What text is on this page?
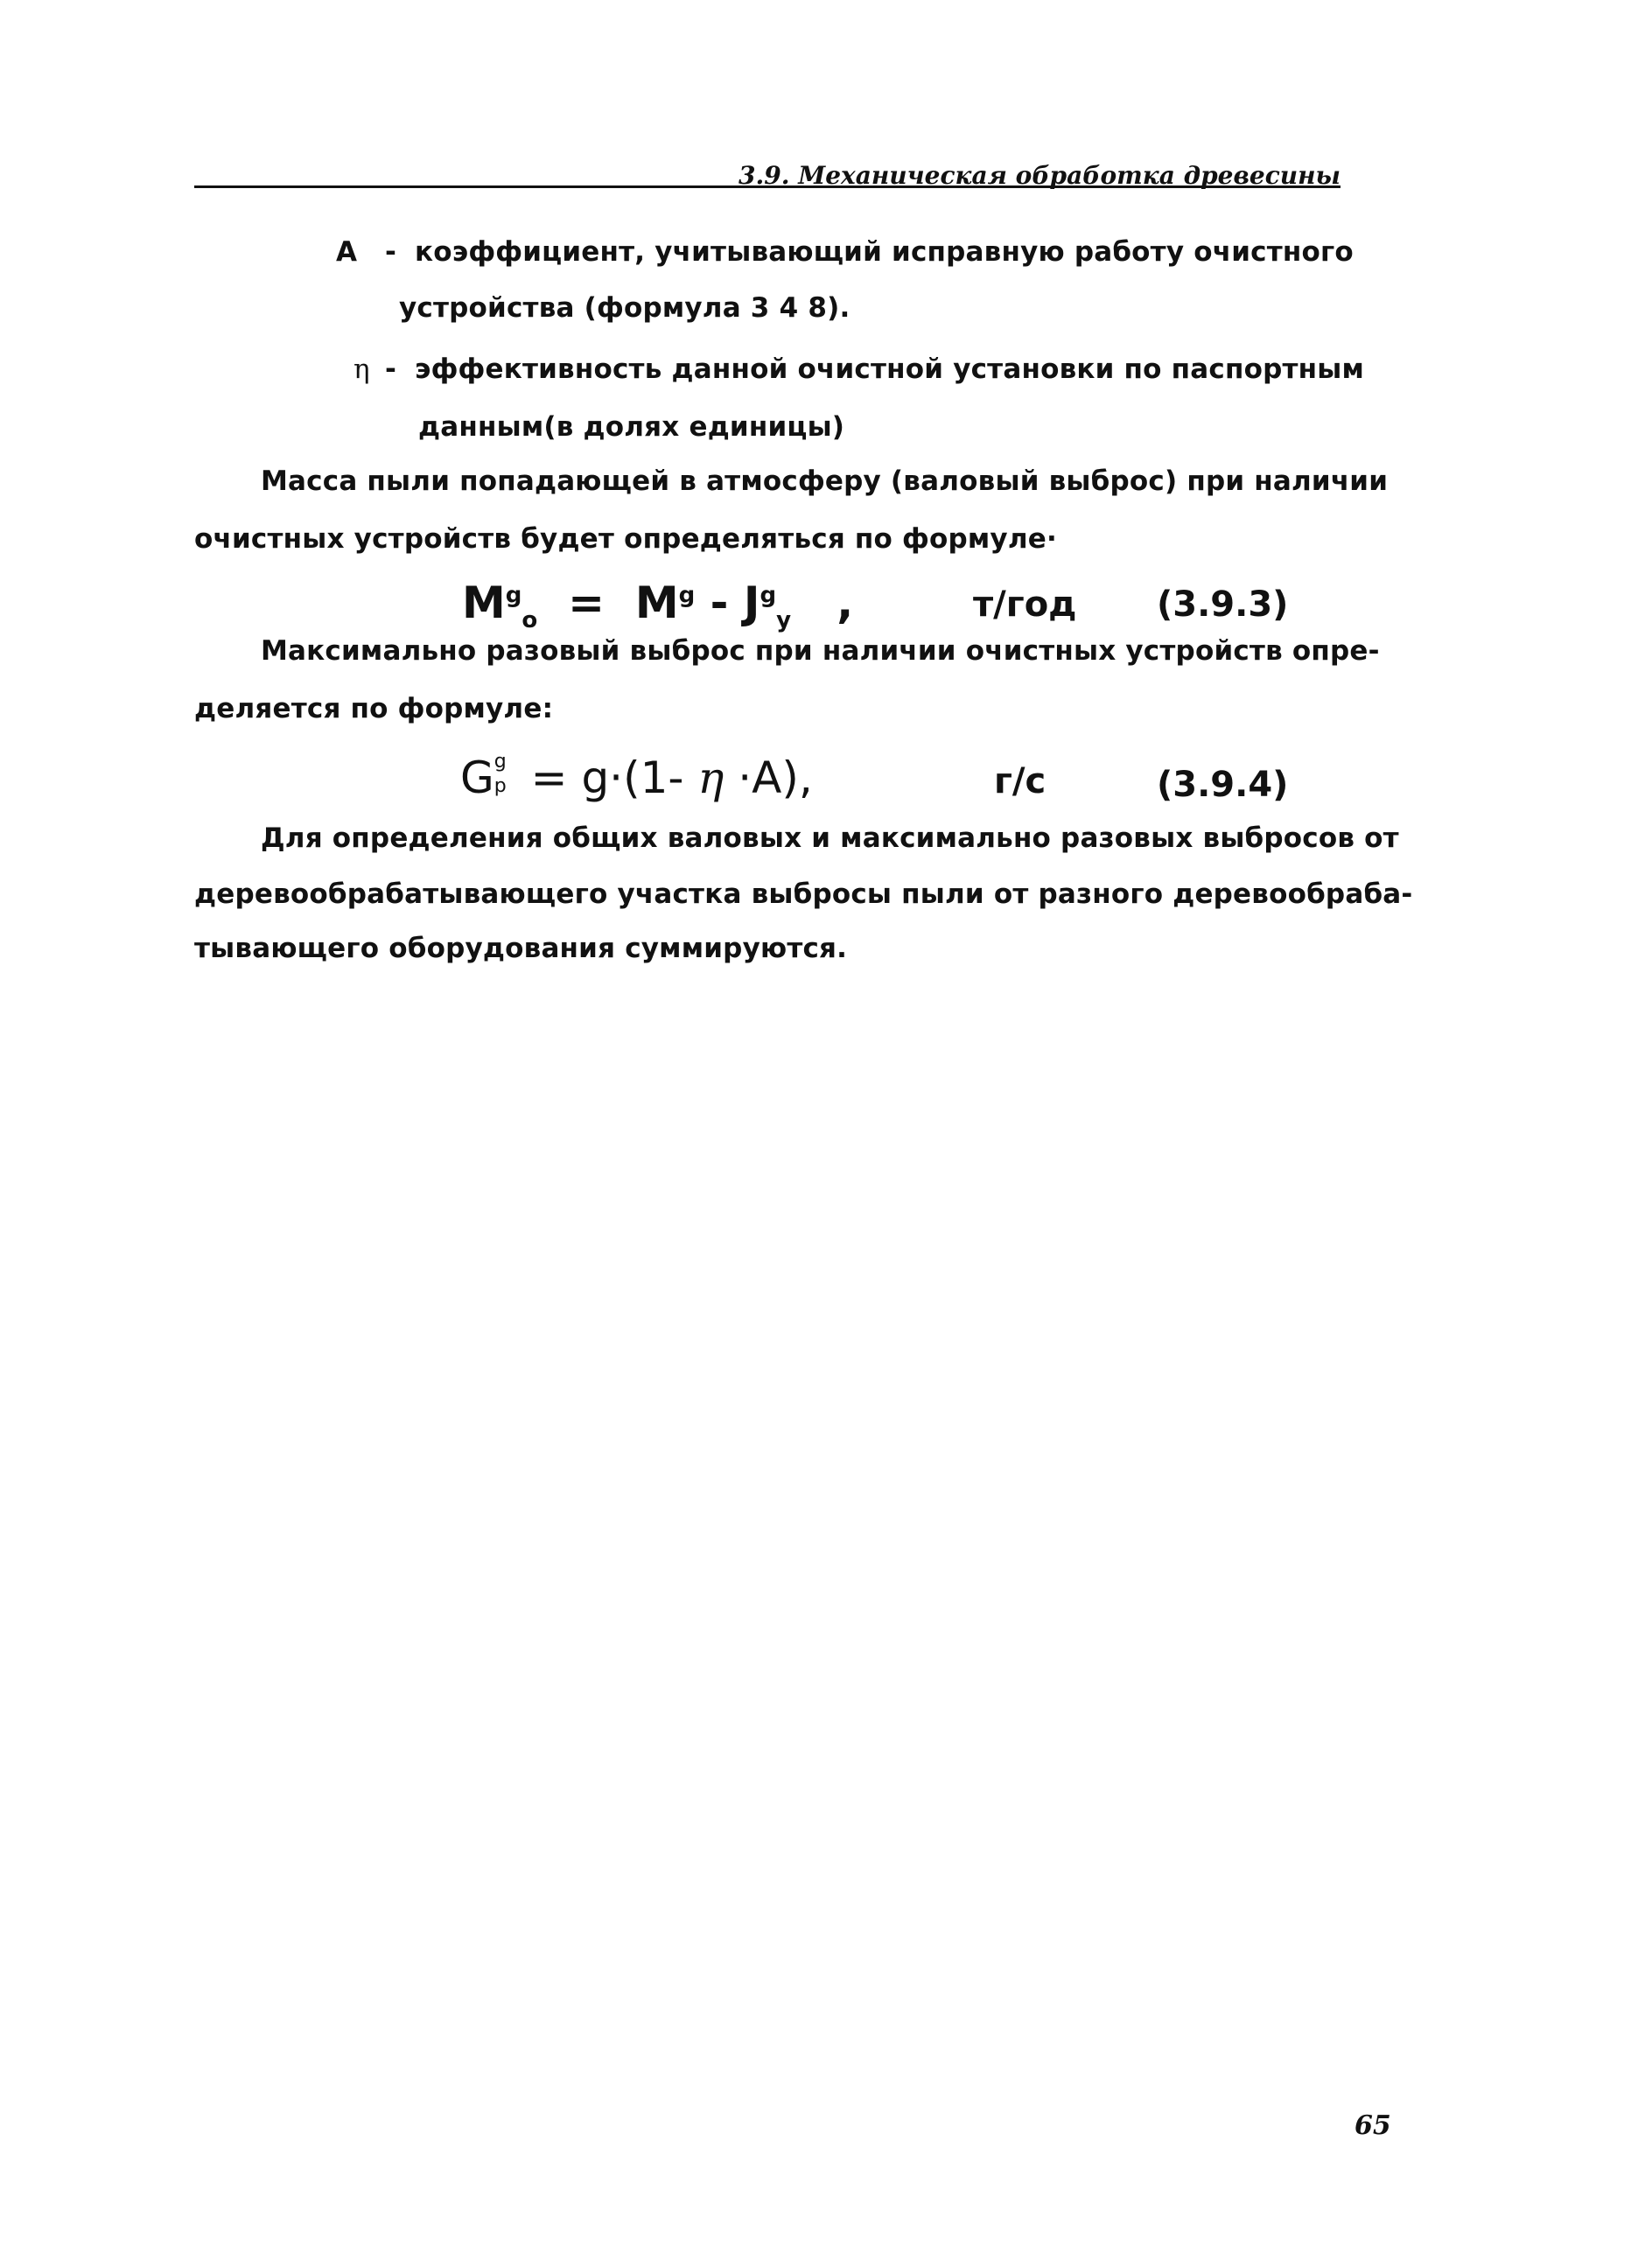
3.9. Механическая обработка древесины
А - коэффициент, учитывающий исправную работу очистного
устройства (формула 3 4 8).
η - эффективность данной очистной установки по паспортным
данным(в долях единицы)
Масса пыли попадающей в атмосферу (валовый выброс) при наличии
очистных устройств будет определяться по формуле·
$M^g_o = M^g - J^g_y$ ,	т/год (3.9.3)
Максимально разовый выброс при наличии очистных устройств опре-
деляется по формуле:
G g
p = g·(1- η ·A),	г/с	(3.9.4)
Для определения общих валовых и максимально разовых выбросов от
деревообрабатывающего участка выбросы пыли от разного деревообраба-
тывающего оборудования суммируются.
65
